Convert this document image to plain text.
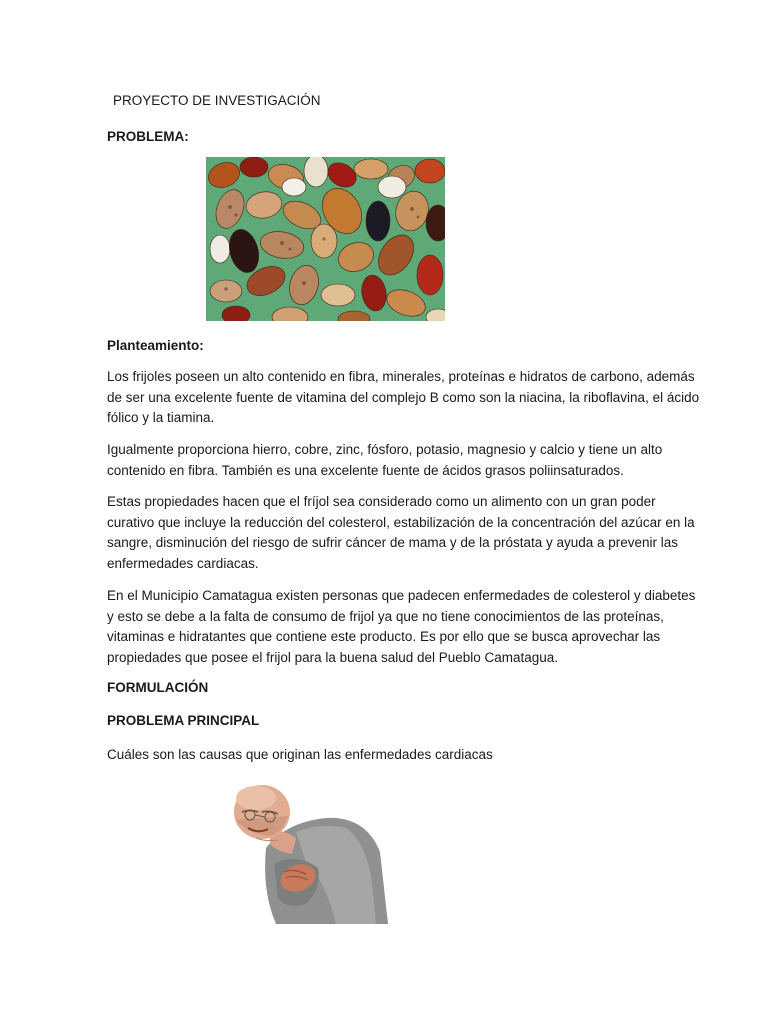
PROYECTO DE INVESTIGACIÓN

PROBLEMA:

Planteamiento:

Los frijoles poseen un alto contenido en fibra, minerales, proteínas e hidratos de carbono, además
de ser una excelente fuente de vitamina del complejo B como son la niacina, la riboflavina, el ácido
fólico y la tiamina.
Igualmente proporciona hierro, cobre, zinc, fósforo, potasio, magnesio y calcio y tiene un alto
contenido en fibra. También es una excelente fuente de ácidos grasos poliinsaturados.
Estas propiedades hacen que el fríjol sea considerado como un alimento con un gran poder
curativo que incluye la reducción del colesterol, estabilización de la concentración del azúcar en la
sangre, disminución del riesgo de sufrir cáncer de mama y de la próstata y ayuda a prevenir las
enfermedades cardiacas.
En el Municipio Camatagua existen personas que padecen enfermedades de colesterol y diabetes
y esto se debe a la falta de consumo de frijol ya que no tiene conocimientos de las proteínas,
vitaminas e hidratantes que contiene este producto. Es por ello que se busca aprovechar las
propiedades que posee el frijol para la buena salud del Pueblo Camatagua.

FORMULACIÓN

PROBLEMA PRINCIPAL

Cuáles son las causas que originan las enfermedades cardiacas
